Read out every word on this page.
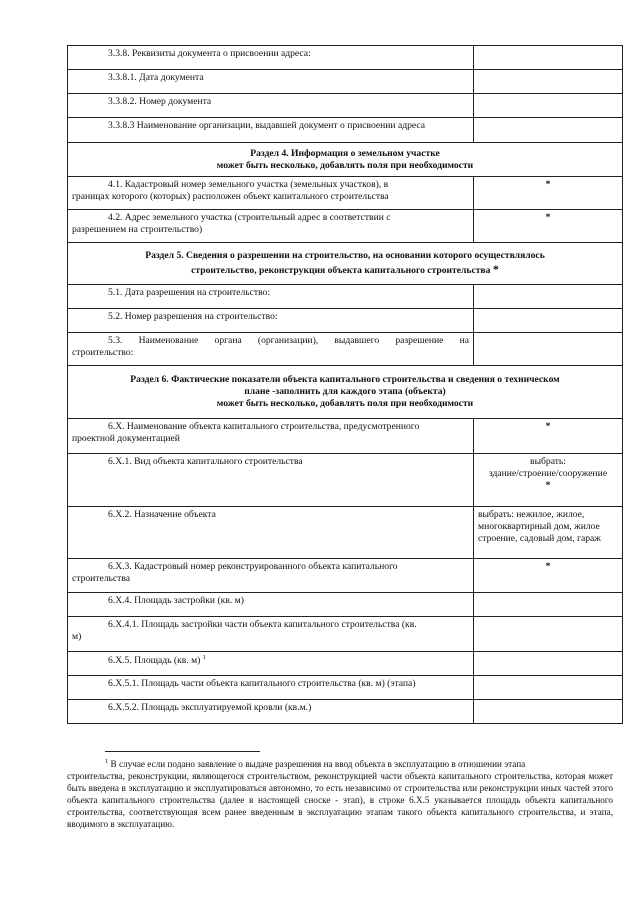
3.3.8. Реквизиты документа о присвоении адреса:	
3.3.8.1. Дата документа	
3.3.8.2. Номер документа	
3.3.8.3 Наименование организации, выдавшей документ о присвоении адреса	

Раздел 4. Информация о земельном участке
может быть несколько, добавлять поля при необходимости	

4.1. Кадастровый номер земельного участка (земельных участков), в
границах которого (которых) расположен объект капитального строительства	*

4.2. Адрес земельного участка (строительный адрес в соответствии с
разрешением на строительство)	*

Раздел 5. Сведения о разрешении на строительство, на основании которого осуществлялось
строительство, реконструкция объекта капитального строительства *	

5.1. Дата разрешения на строительство:	
5.2. Номер разрешения на строительство:	

5.3. Наименование органа (организации), выдавшего разрешение на
строительство:	

Раздел 6. Фактические показатели объекта капитального строительства и сведения о техническом
плане -заполнить для каждого этапа (объекта)
может быть несколько, добавлять поля при необходимости	

6.Х. Наименование объекта капитального строительства, предусмотренного
проектной документацией	*
6.Х.1. Вид объекта капитального строительства	выбрать:
здание/строение/сооружение
*

6.Х.2. Назначение объекта	выбрать: нежилое, жилое,
многоквартирный дом, жилое
строение, садовый дом, гараж

6.Х.3. Кадастровый номер реконструированного объекта капитального
строительства	*
6.Х.4. Площадь застройки (кв. м)	

6.Х.4.1. Площадь застройки части объекта капитального строительства (кв.
м)	

6.Х.5. Площадь (кв. м) $^1$	
6.Х.5.1. Площадь части объекта капитального строительства (кв. м) (этапа)	
6.Х.5.2. Площадь эксплуатируемой кровли (кв.м.)	
$^1$ В случае если подано заявление о выдаче разрешения на ввод объекта в эксплуатацию в отношении этапа
строительства, реконструкции, являющегося строительством, реконструкцией части объекта капитального строительства, которая может быть введена в эксплуатацию и эксплуатироваться автономно, то есть независимо от строительства или реконструкции иных частей этого объекта капитального строительства (далее в настоящей сноске - этап), в строке 6.Х.5 указывается площадь объекта капитального строительства, соответствующая всем ранее введенным в эксплуатацию этапам такого объекта капитального строительства, и этапа, вводимого в эксплуатацию.
